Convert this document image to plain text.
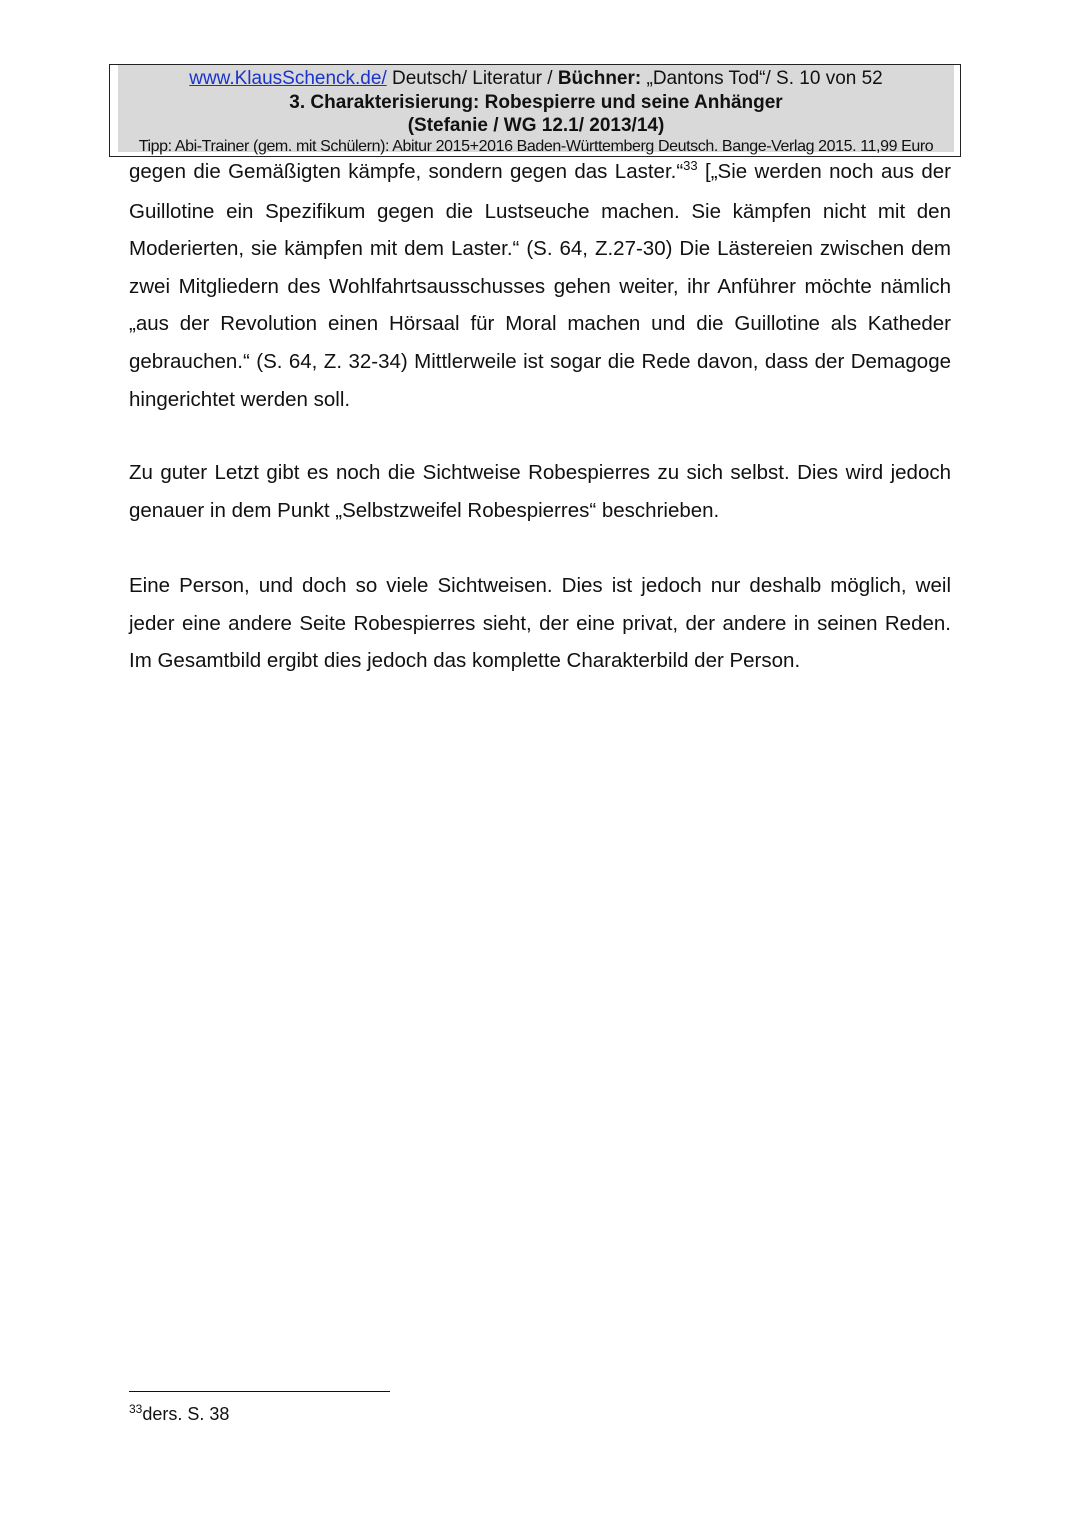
www.KlausSchenck.de/ Deutsch/ Literatur / Büchner: „Dantons Tod“/ S. 10 von 52
3. Charakterisierung: Robespierre und seine Anhänger
(Stefanie / WG 12.1/ 2013/14)
Tipp: Abi-Trainer (gem. mit Schülern): Abitur 2015+2016 Baden-Württemberg Deutsch. Bange-Verlag 2015. 11,99 Euro

gegen die Gemäßigten kämpfe, sondern gegen das Laster.“$^{33}$ [„Sie werden noch aus der Guillotine ein Spezifikum gegen die Lustseuche machen. Sie kämpfen nicht mit den Moderierten, sie kämpfen mit dem Laster.“ (S. 64, Z.27-30) Die Lästereien zwischen dem zwei Mitgliedern des Wohlfahrtsausschusses gehen weiter, ihr Anführer möchte nämlich „aus der Revolution einen Hörsaal für Moral machen und die Guillotine als Katheder gebrauchen.“ (S. 64, Z. 32-34) Mittlerweile ist sogar die Rede davon, dass der Demagoge hingerichtet werden soll.

Zu guter Letzt gibt es noch die Sichtweise Robespierres zu sich selbst. Dies wird jedoch genauer in dem Punkt „Selbstzweifel Robespierres“ beschrieben.

Eine Person, und doch so viele Sichtweisen. Dies ist jedoch nur deshalb möglich, weil jeder eine andere Seite Robespierres sieht, der eine privat, der andere in seinen Reden. Im Gesamtbild ergibt dies jedoch das komplette Charakterbild der Person.

$^{33}$ders. S. 38
